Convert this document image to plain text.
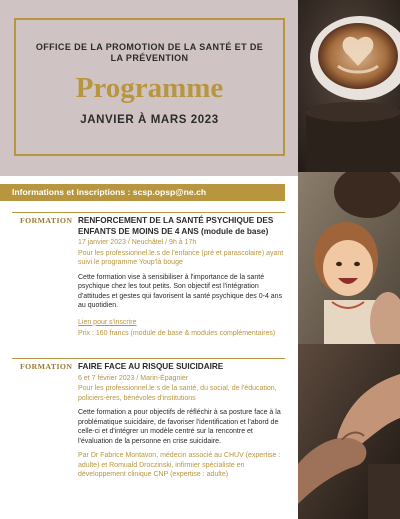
OFFICE DE LA PROMOTION DE LA SANTÉ ET DE LA PRÉVENTION
Programme
JANVIER À MARS 2023
Informations et inscriptions : scsp.opsp@ne.ch
FORMATION RENFORCEMENT DE LA SANTÉ PSYCHIQUE DES ENFANTS DE MOINS DE 4 ANS (module de base)
17 janvier 2023 / Neuchâtel / 9h à 17h
Pour les professionnel.le.s de l'enfance (pré et parascolaire) ayant suivi le programme Youp'là bouge
Cette formation vise à sensibiliser à l'importance de la santé psychique chez les tout petits. Son objectif est l'intégration d'attitudes et gestes qui favorisent la santé psychique des 0-4 ans au quotidien.
Lien pour s'inscrire
Prix : 160 francs (module de base & modules complémentaires)
FORMATION FAIRE FACE AU RISQUE SUICIDAIRE
6 et 7 février 2023 / Marin-Épagnier
Pour les professionnel.le.s de la santé, du social, de l'éducation, policiers-ères, bénévoles d'institutions
Cette formation a pour objectifs de réfléchir à sa posture face à la problématique suicidaire, de favoriser l'identification et l'abord de celle-ci et d'intégrer un modèle centré sur la rencontre et l'évaluation de la personne en crise suicidaire.
Par Dr Fabrice Montavon, médecin associé au CHUV (expertise : adulte) et Romuald Droczinski, infirmier spécialiste en développement clinique CNP (expertise : adulte)
